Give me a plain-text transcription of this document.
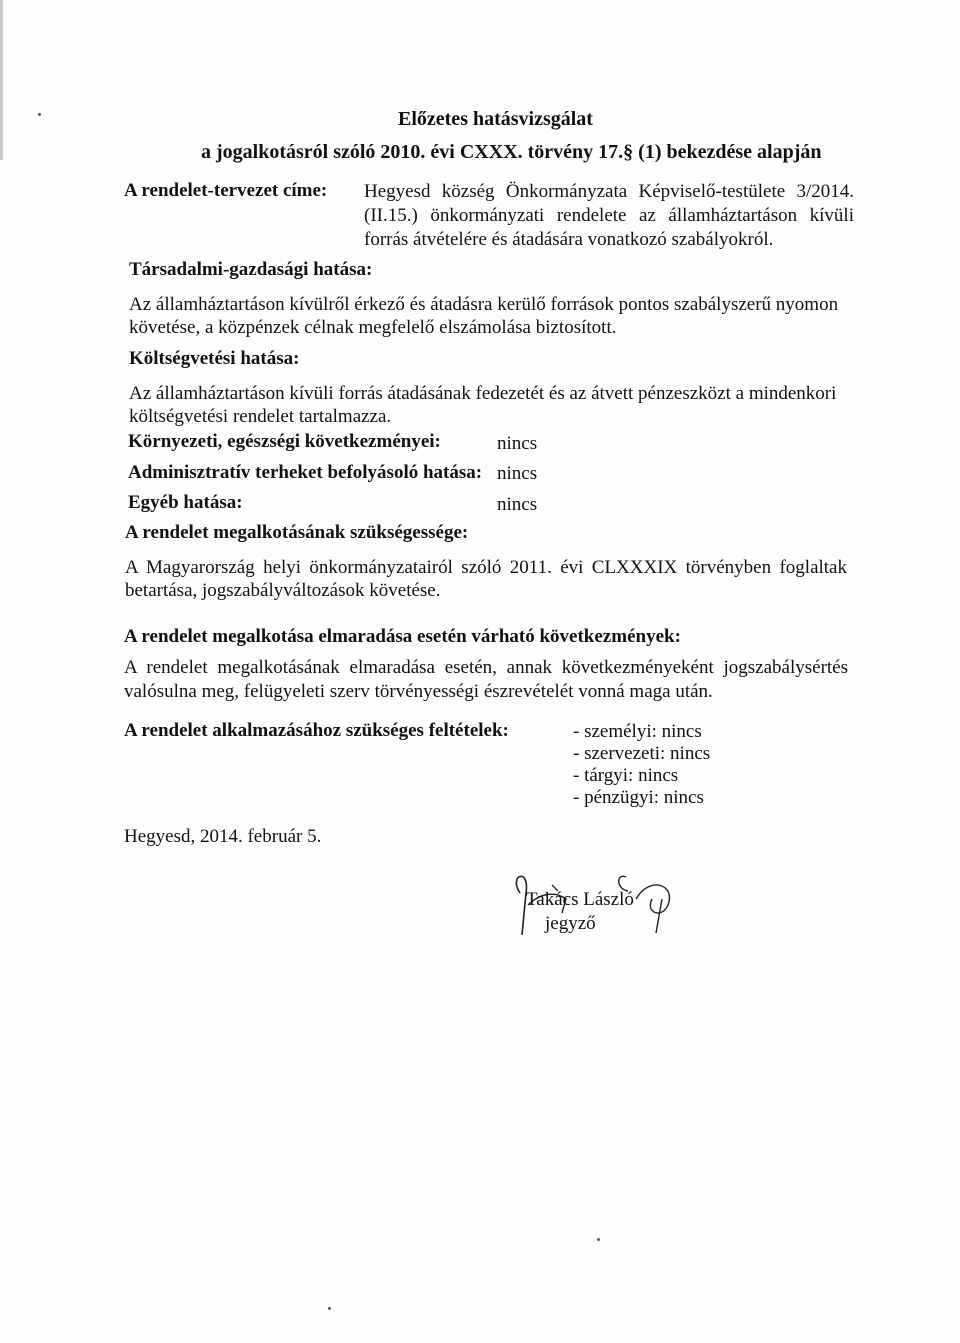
Előzetes hatásvizsgálat
a jogalkotásról szóló 2010. évi CXXX. törvény 17.§ (1) bekezdése alapján
A rendelet-tervezet címe: Hegyesd község Önkormányzata Képviselő-testülete 3/2014.
(II.15.) önkormányzati rendelete az államháztartáson kívüli
forrás átvételére és átadására vonatkozó szabályokról.
Társadalmi-gazdasági hatása:
Az államháztartáson kívülről érkező és átadásra kerülő források pontos szabályszerű nyomon
követése, a közpénzek célnak megfelelő elszámolása biztosított.
Költségvetési hatása:
Az államháztartáson kívüli forrás átadásának fedezetét és az átvett pénzeszközt a mindenkori
költségvetési rendelet tartalmazza.
Környezeti, egészségi következményei:	nincs
Adminisztratív terheket befolyásoló hatása: nincs
Egyéb hatása:	nincs
A rendelet megalkotásának szükségessége:
A Magyarország helyi önkormányzatairól szóló 2011. évi CLXXXIX törvényben foglaltak
betartása, jogszabályváltozások követése.
A rendelet megalkotása elmaradása esetén várható következmények:
A rendelet megalkotásának elmaradása esetén, annak következményeként jogszabálysértés
valósulna meg, felügyeleti szerv törvényességi észrevételét vonná maga után.
A rendelet alkalmazásához szükséges feltételek:	- személyi: nincs
- szervezeti: nincs
- tárgyi: nincs
- pénzügyi: nincs
Hegyesd, 2014. február 5.
Takács László
jegyző
